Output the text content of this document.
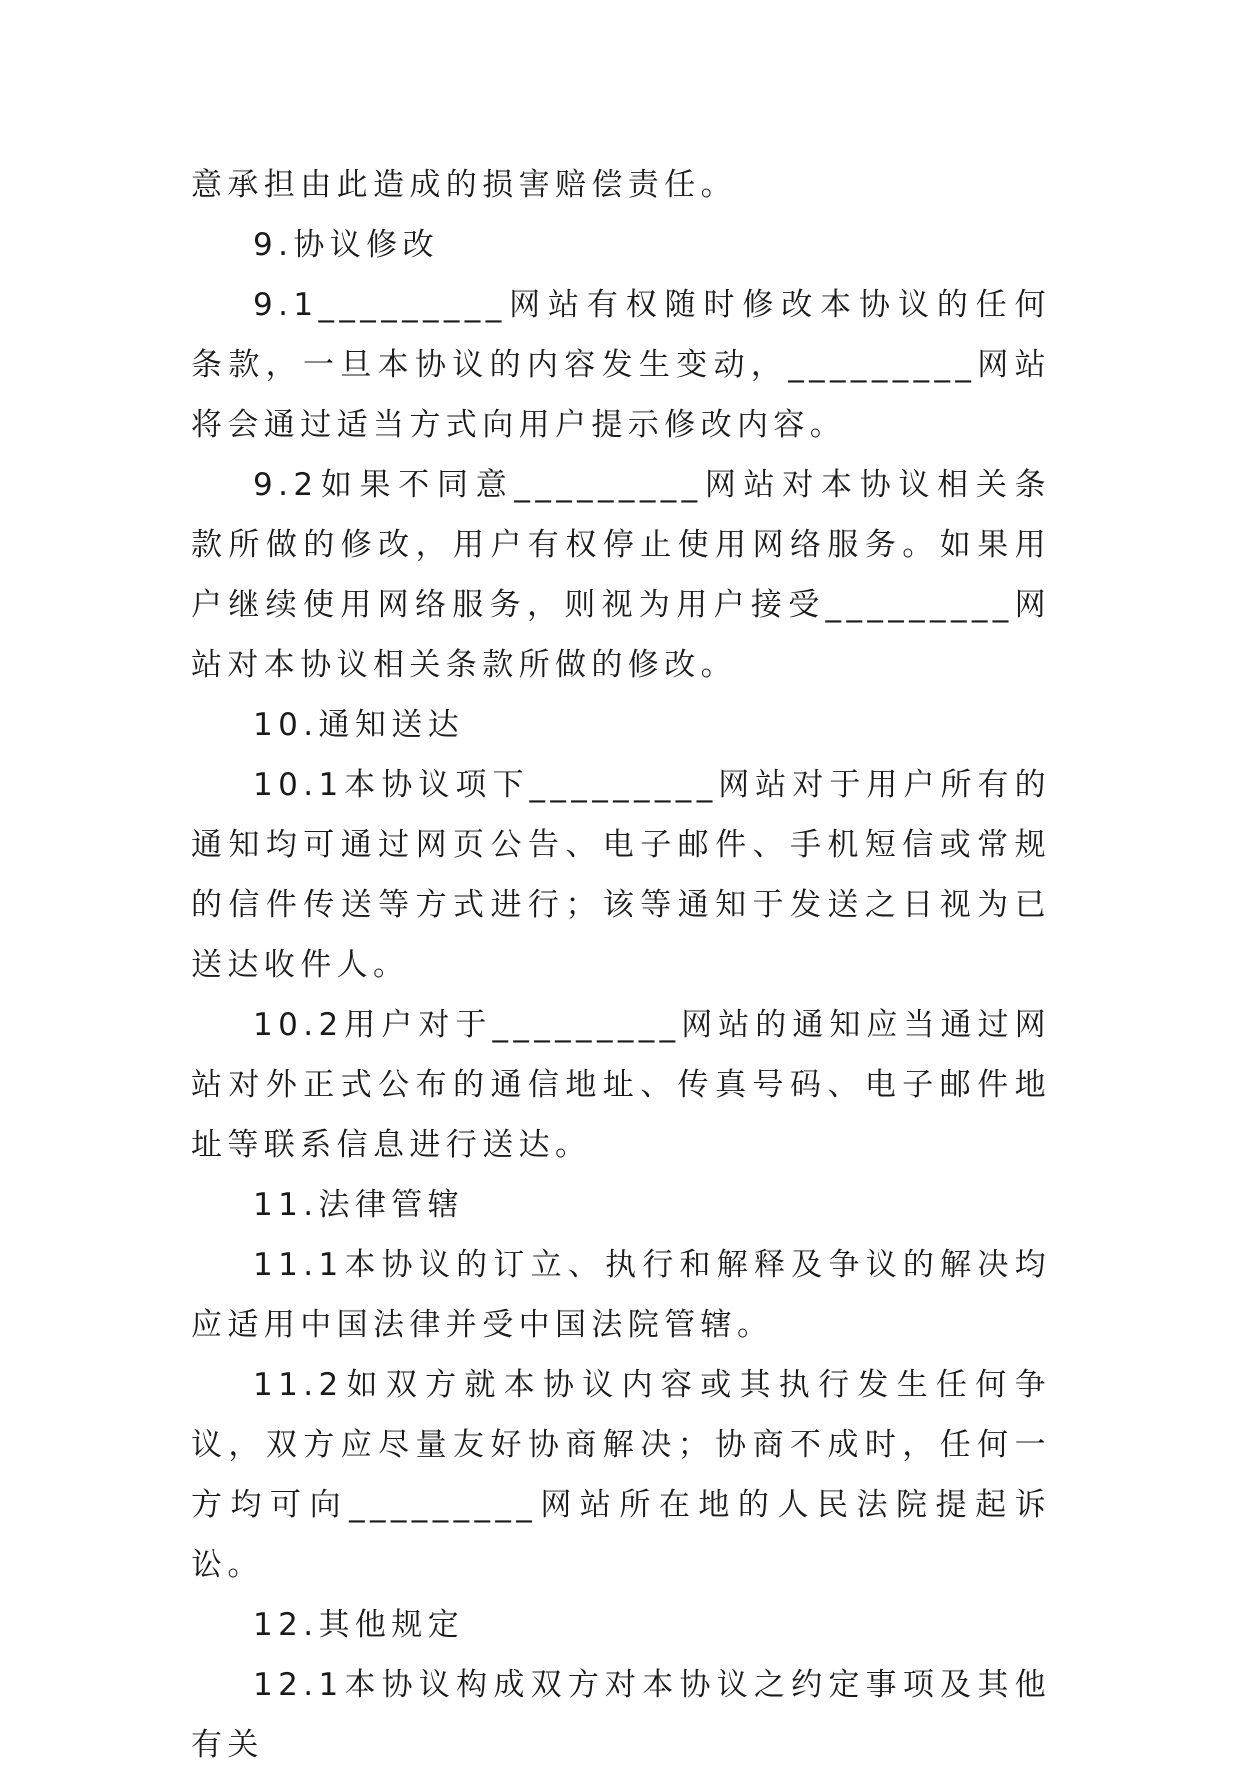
意承担由此造成的损害赔偿责任。

9.协议修改

9.1_________网站有权随时修改本协议的任何条款，一旦本协议的内容发生变动，_________网站将会通过适当方式向用户提示修改内容。

9.2如果不同意_________网站对本协议相关条款所做的修改，用户有权停止使用网络服务。如果用户继续使用网络服务，则视为用户接受_________网站对本协议相关条款所做的修改。

10.通知送达

10.1本协议项下_________网站对于用户所有的通知均可通过网页公告、电子邮件、手机短信或常规的信件传送等方式进行；该等通知于发送之日视为已送达收件人。

10.2用户对于_________网站的通知应当通过网站对外正式公布的通信地址、传真号码、电子邮件地址等联系信息进行送达。

11.法律管辖

11.1本协议的订立、执行和解释及争议的解决均应适用中国法律并受中国法院管辖。

11.2如双方就本协议内容或其执行发生任何争议，双方应尽量友好协商解决；协商不成时，任何一方均可向_________网站所在地的人民法院提起诉讼。

12.其他规定

12.1本协议构成双方对本协议之约定事项及其他有关
